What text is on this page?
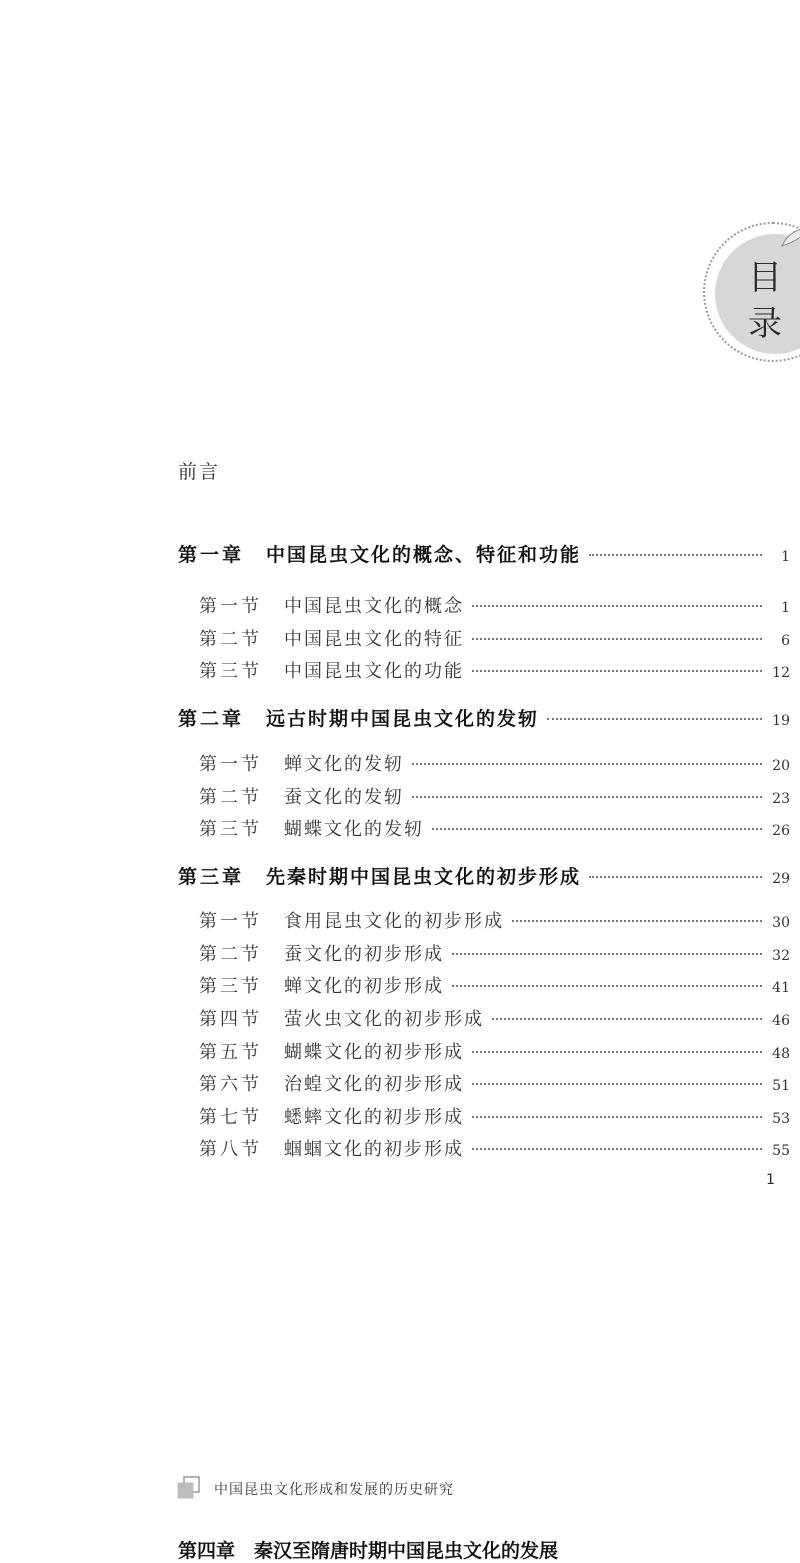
目
录
前言
第一章 中国昆虫文化的概念、特征和功能	1
第一节 中国昆虫文化的概念	1
第二节 中国昆虫文化的特征	6
第三节 中国昆虫文化的功能	12
第二章 远古时期中国昆虫文化的发轫	19
第一节 蝉文化的发轫	20
第二节 蚕文化的发轫	23
第三节 蝴蝶文化的发轫	26
第三章 先秦时期中国昆虫文化的初步形成	29
第一节 食用昆虫文化的初步形成	30
第二节 蚕文化的初步形成	32
第三节 蝉文化的初步形成	41
第四节 萤火虫文化的初步形成	46
第五节 蝴蝶文化的初步形成	48
第六节 治蝗文化的初步形成	51
第七节 蟋蟀文化的初步形成	53
第八节 蝈蝈文化的初步形成	55
1
中国昆虫文化形成和发展的历史研究
第四章　秦汉至隋唐时期中国昆虫文化的发展
